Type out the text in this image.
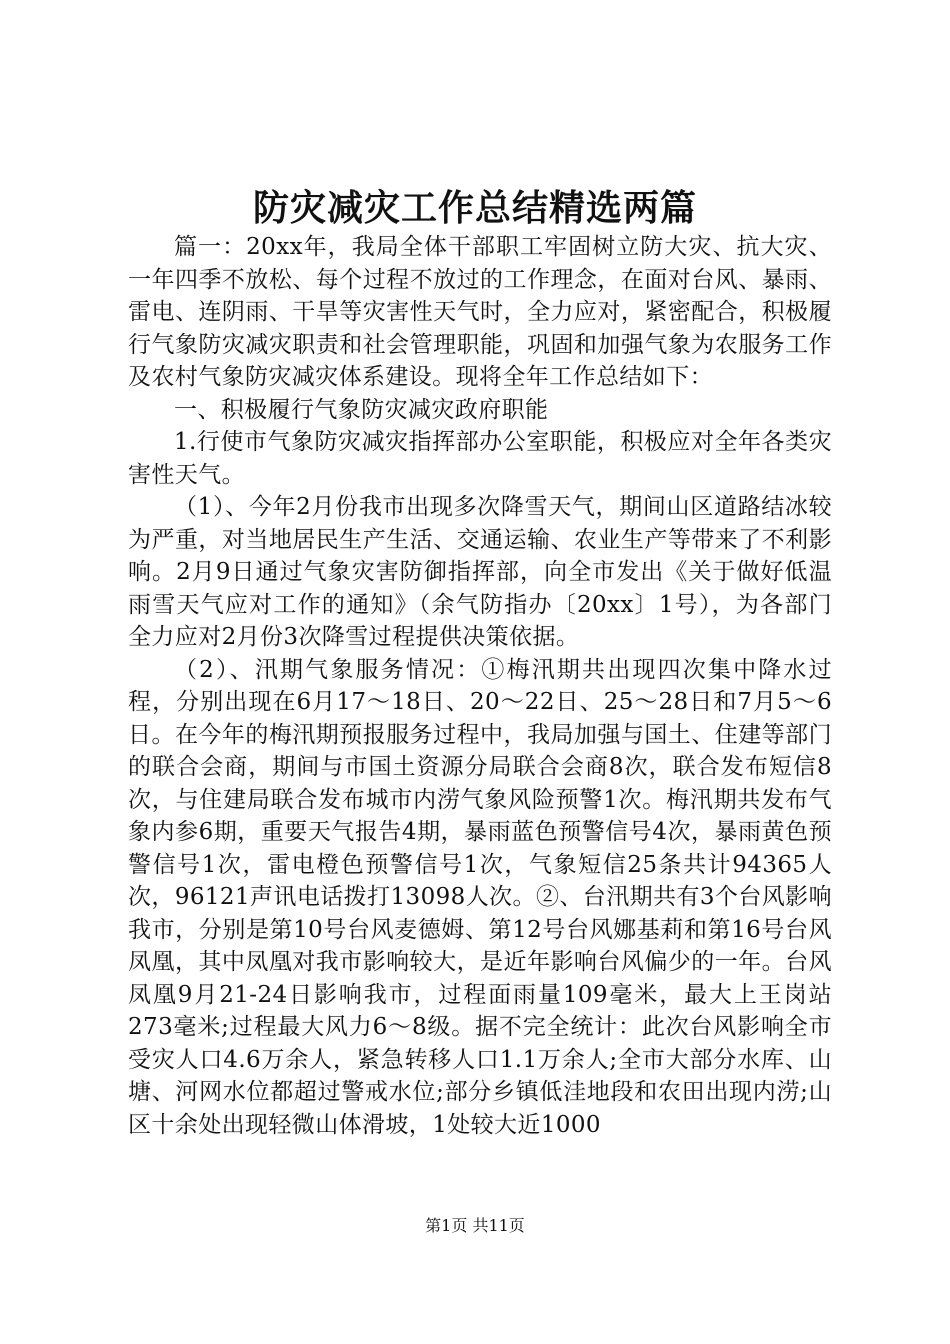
防灾减灾工作总结精选两篇

篇一：20xx年，我局全体干部职工牢固树立防大灾、抗大灾、一年四季不放松、每个过程不放过的工作理念，在面对台风、暴雨、雷电、连阴雨、干旱等灾害性天气时，全力应对，紧密配合，积极履行气象防灾减灾职责和社会管理职能，巩固和加强气象为农服务工作及农村气象防灾减灾体系建设。现将全年工作总结如下：

一、积极履行气象防灾减灾政府职能

1.行使市气象防灾减灾指挥部办公室职能，积极应对全年各类灾害性天气。

（1）、今年2月份我市出现多次降雪天气，期间山区道路结冰较为严重，对当地居民生产生活、交通运输、农业生产等带来了不利影响。2月9日通过气象灾害防御指挥部，向全市发出《关于做好低温雨雪天气应对工作的通知》（余气防指办〔20xx〕1号），为各部门全力应对2月份3次降雪过程提供决策依据。

（2）、汛期气象服务情况：①梅汛期共出现四次集中降水过程，分别出现在6月17～18日、20～22日、25～28日和7月5～6日。在今年的梅汛期预报服务过程中，我局加强与国土、住建等部门的联合会商，期间与市国土资源分局联合会商8次，联合发布短信8次，与住建局联合发布城市内涝气象风险预警1次。梅汛期共发布气象内参6期，重要天气报告4期，暴雨蓝色预警信号4次，暴雨黄色预警信号1次，雷电橙色预警信号1次，气象短信25条共计94365人次，96121声讯电话拨打13098人次。②、台汛期共有3个台风影响我市，分别是第10号台风麦德姆、第12号台风娜基莉和第16号台风凤凰，其中凤凰对我市影响较大，是近年影响台风偏少的一年。台风凤凰9月21-24日影响我市，过程面雨量109毫米，最大上王岗站273毫米;过程最大风力6～8级。据不完全统计：此次台风影响全市受灾人口4.6万余人，紧急转移人口1.1万余人;全市大部分水库、山塘、河网水位都超过警戒水位;部分乡镇低洼地段和农田出现内涝;山区十余处出现轻微山体滑坡，1处较大近1000

第1页 共11页
